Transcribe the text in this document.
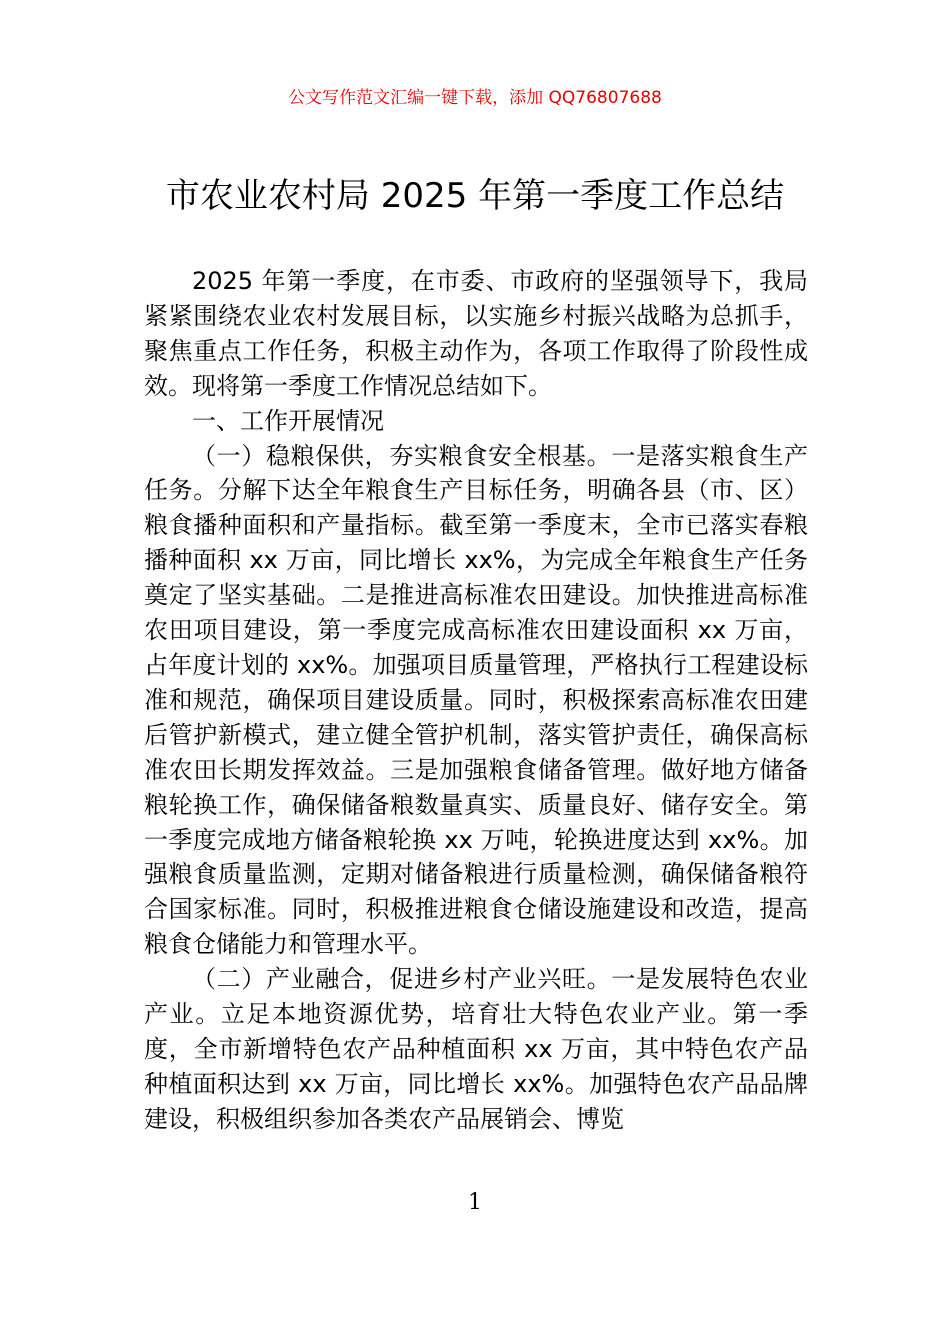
公文写作范文汇编一键下载，添加 QQ76807688
市农业农村局 2025 年第一季度工作总结

2025 年第一季度，在市委、市政府的坚强领导下，我局紧紧围绕农业农村发展目标，以实施乡村振兴战略为总抓手，聚焦重点工作任务，积极主动作为，各项工作取得了阶段性成效。现将第一季度工作情况总结如下。

一、工作开展情况

（一）稳粮保供，夯实粮食安全根基。一是落实粮食生产任务。分解下达全年粮食生产目标任务，明确各县（市、区）粮食播种面积和产量指标。截至第一季度末，全市已落实春粮播种面积 xx 万亩，同比增长 xx%，为完成全年粮食生产任务奠定了坚实基础。二是推进高标准农田建设。加快推进高标准农田项目建设，第一季度完成高标准农田建设面积 xx 万亩，占年度计划的 xx%。加强项目质量管理，严格执行工程建设标准和规范，确保项目建设质量。同时，积极探索高标准农田建后管护新模式，建立健全管护机制，落实管护责任，确保高标准农田长期发挥效益。三是加强粮食储备管理。做好地方储备粮轮换工作，确保储备粮数量真实、质量良好、储存安全。第一季度完成地方储备粮轮换 xx 万吨，轮换进度达到 xx%。加强粮食质量监测，定期对储备粮进行质量检测，确保储备粮符合国家标准。同时，积极推进粮食仓储设施建设和改造，提高粮食仓储能力和管理水平。

（二）产业融合，促进乡村产业兴旺。一是发展特色农业产业。立足本地资源优势，培育壮大特色农业产业。第一季度，全市新增特色农产品种植面积 xx 万亩，其中特色农产品种植面积达到 xx 万亩，同比增长 xx%。加强特色农产品品牌建设，积极组织参加各类农产品展销会、博览

1
